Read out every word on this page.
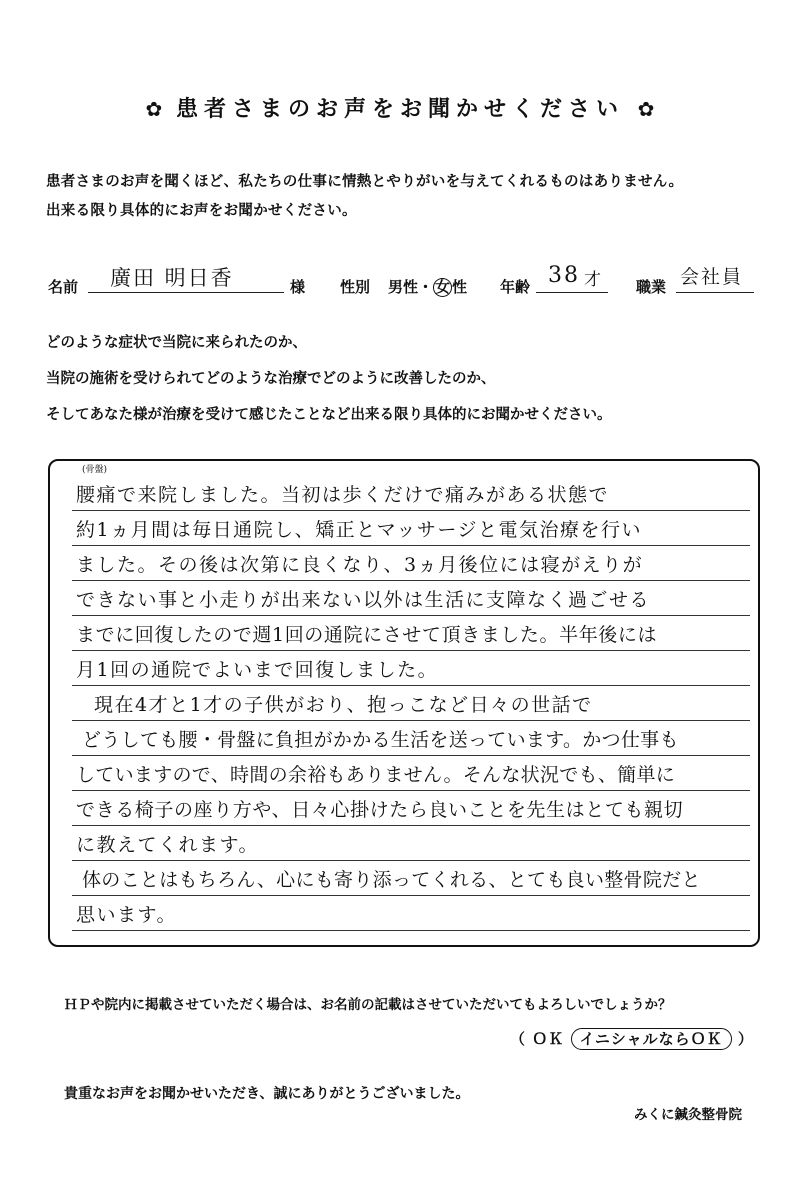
✿ 患者さまのお声をお聞かせください ✿
患者さまのお声を聞くほど、私たちの仕事に情熱とやりがいを与えてくれるものはありません。
出来る限り具体的にお声をお聞かせください。
名前 廣田 明日香	様 性別 男性・ 女 性 年齢 38 才 職業 会社員
どのような症状で当院に来られたのか、
当院の施術を受けられてどのような治療でどのように改善したのか、
そしてあなた様が治療を受けて感じたことなど出来る限り具体的にお聞かせください。
(骨盤)
腰痛で来院しました。当初は歩くだけで痛みがある状態で
約1ヵ月間は毎日通院し、矯正とマッサージと電気治療を行い
ました。その後は次第に良くなり、3ヵ月後位には寝がえりが
できない事と小走りが出来ない以外は生活に支障なく過ごせる
までに回復したので週1回の通院にさせて頂きました。半年後には
月1回の通院でよいまで回復しました。
現在4才と1才の子供がおり、抱っこなど日々の世話で
どうしても腰・骨盤に負担がかかる生活を送っています。かつ仕事も
していますので、時間の余裕もありません。そんな状況でも、簡単に
できる椅子の座り方や、日々心掛けたら良いことを先生はとても親切
に教えてくれます。
体のことはもちろん、心にも寄り添ってくれる、とても良い整骨院だと
思います。
ＨＰや院内に掲載させていただく場合は、お名前の記載はさせていただいてもよろしいでしょうか？
（ ＯＫ イニシャルならＯＫ ）
貴重なお声をお聞かせいただき、誠にありがとうございました。
みくに鍼灸整骨院
